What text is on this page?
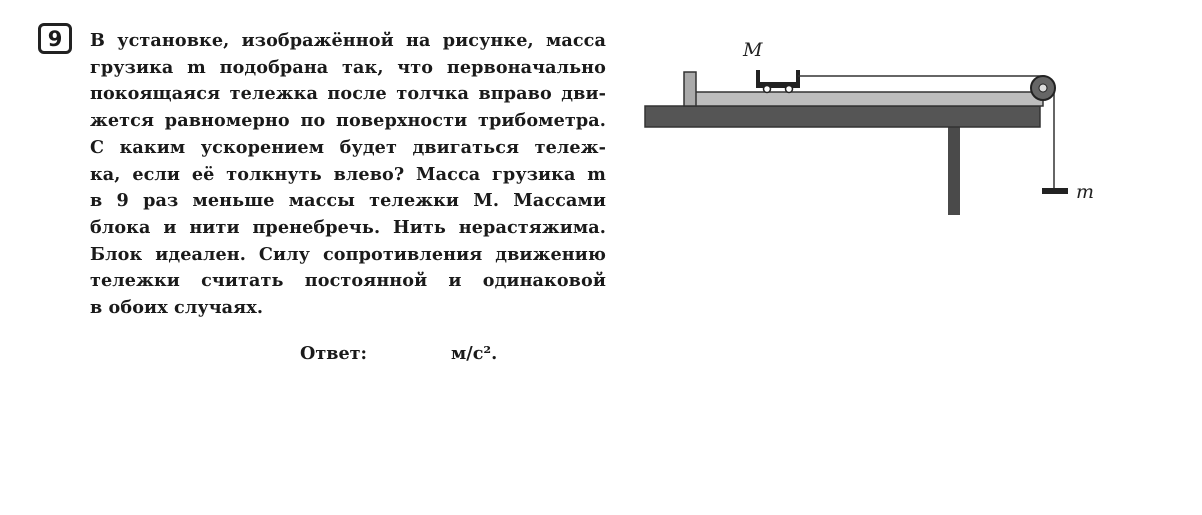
9	В установке, изображённой на рисунке, масса
грузика m подобрана так, что первоначально
покоящаяся тележка после толчка вправо дви-
жется равномерно по поверхности трибометра.
С каким ускорением будет двигаться тележ-
ка, если её толкнуть влево? Масса грузика m
в 9 раз меньше массы тележки M. Массами
блока и нити пренебречь. Нить нерастяжима.
Блок идеален. Силу сопротивления движению
тележки считать постоянной и одинаковой
в обоих случаях.
Ответ:	м/с².
M
m
